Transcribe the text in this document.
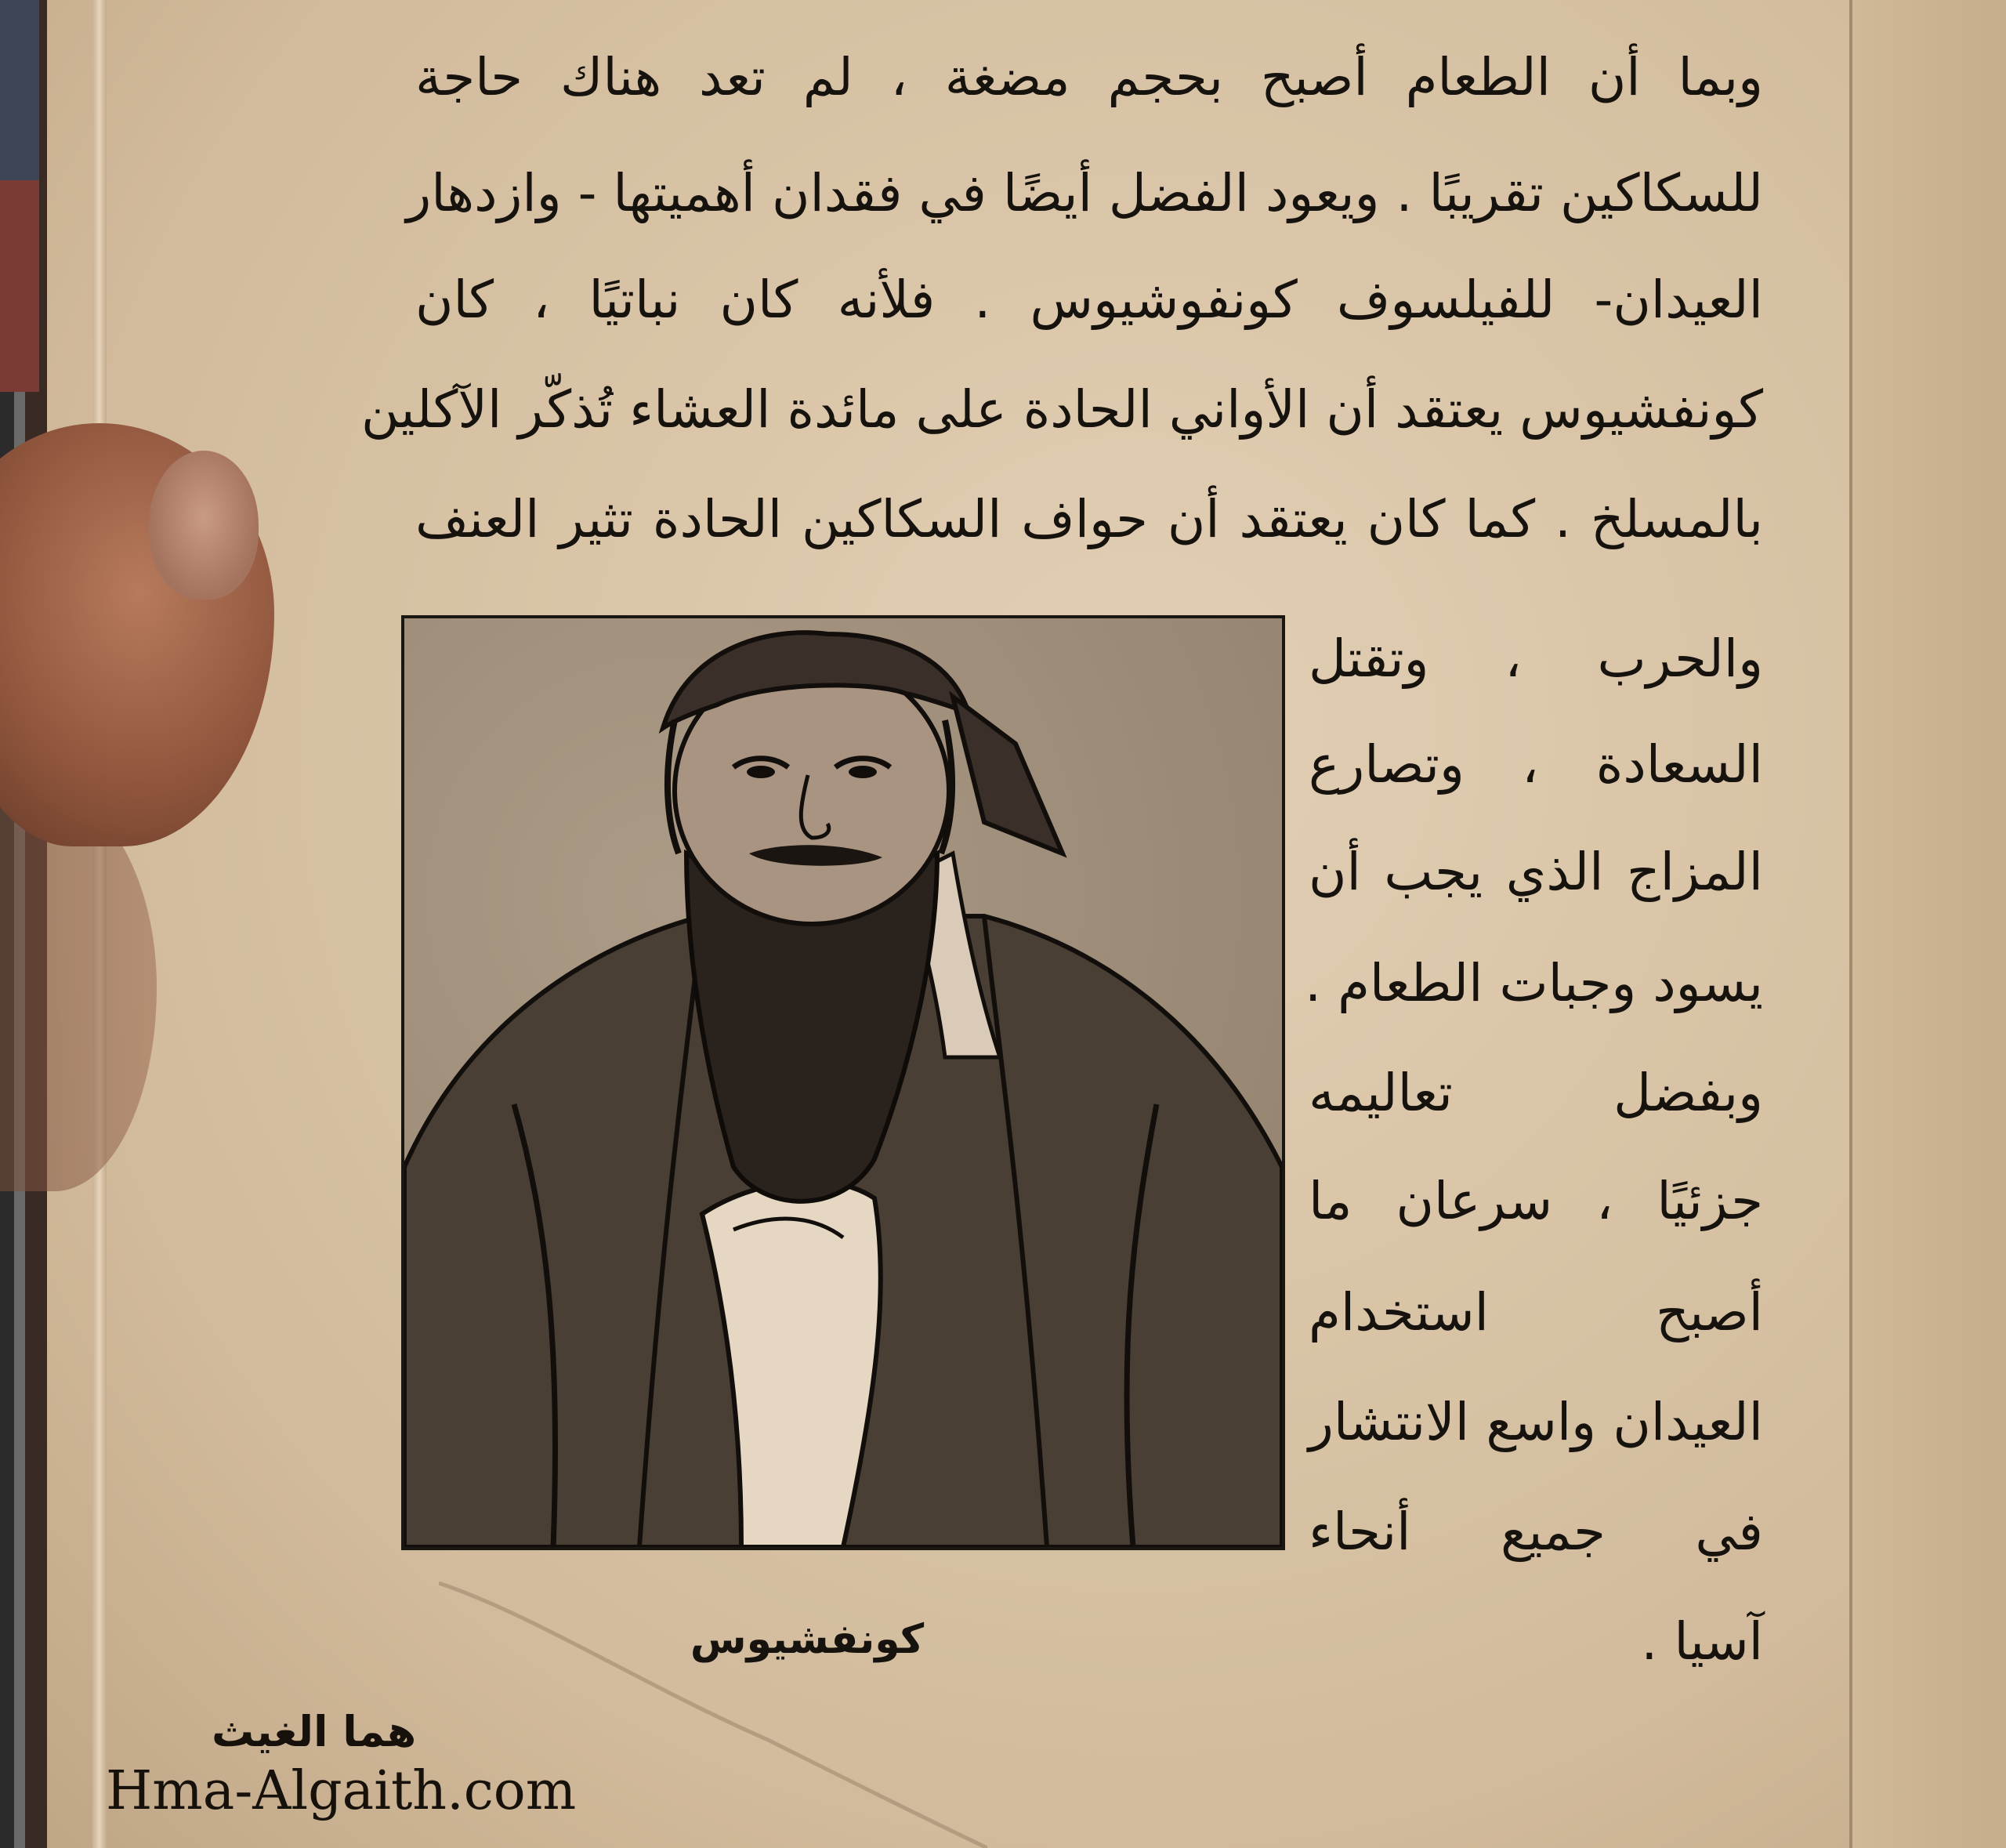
وبما أن الطعام أصبح بحجم مضغة ، لم تعد هناك حاجة
للسكاكين تقريبًا . ويعود الفضل أيضًا في فقدان أهميتها - وازدهار
العيدان- للفيلسوف كونفوشيوس . فلأنه كان نباتيًا ، كان
كونفشيوس يعتقد أن الأواني الحادة على مائدة العشاء تُذكّر الآكلين
بالمسلخ . كما كان يعتقد أن حواف السكاكين الحادة تثير العنف
والحرب ، وتقتل
السعادة ، وتصارع
المزاج الذي يجب أن
يسود وجبات الطعام .
وبفضل تعاليمه
جزئيًا ، سرعان ما
أصبح استخدام
العيدان واسع الانتشار
في جميع أنحاء
آسيا .
كونفشيوس
هما الغيث
Hma-Algaith.com
